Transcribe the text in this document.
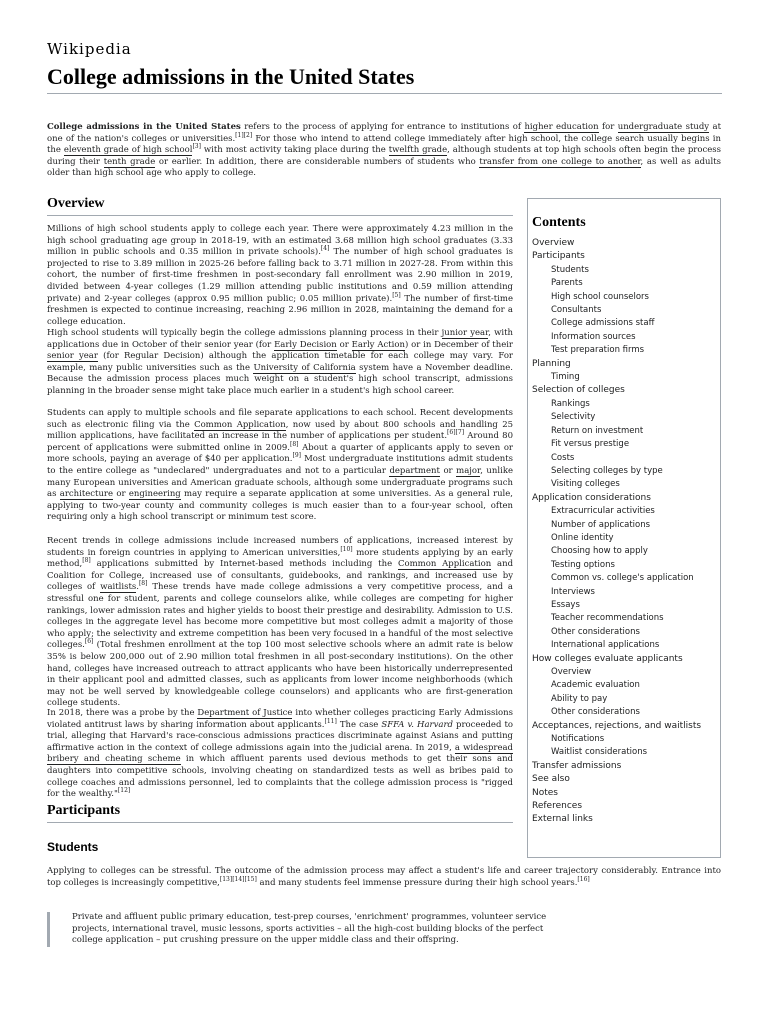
Wikipedia
College admissions in the United States

College admissions in the United States refers to the process of applying for entrance to institutions of higher education for undergraduate study at one of the nation's colleges or universities.[1][2] For those who intend to attend college immediately after high school, the college search usually begins in the eleventh grade of high school[3] with most activity taking place during the twelfth grade, although students at top high schools often begin the process during their tenth grade or earlier. In addition, there are considerable numbers of students who transfer from one college to another, as well as adults older than high school age who apply to college.

Overview

Millions of high school students apply to college each year. There were approximately 4.23 million in the high school graduating age group in 2018-19, with an estimated 3.68 million high school graduates (3.33 million in public schools and 0.35 million in private schools).[4] The number of high school graduates is projected to rise to 3.89 million in 2025-26 before falling back to 3.71 million in 2027-28. From within this cohort, the number of first-time freshmen in post-secondary fall enrollment was 2.90 million in 2019, divided between 4-year colleges (1.29 million attending public institutions and 0.59 million attending private) and 2-year colleges (approx 0.95 million public; 0.05 million private).[5] The number of first-time freshmen is expected to continue increasing, reaching 2.96 million in 2028, maintaining the demand for a college education.

High school students will typically begin the college admissions planning process in their junior year, with applications due in October of their senior year (for Early Decision or Early Action) or in December of their senior year (for Regular Decision) although the application timetable for each college may vary. For example, many public universities such as the University of California system have a November deadline. Because the admission process places much weight on a student's high school transcript, admissions planning in the broader sense might take place much earlier in a student's high school career.

Students can apply to multiple schools and file separate applications to each school. Recent developments such as electronic filing via the Common Application, now used by about 800 schools and handling 25 million applications, have facilitated an increase in the number of applications per student.[6][7] Around 80 percent of applications were submitted online in 2009.[8] About a quarter of applicants apply to seven or more schools, paying an average of $40 per application.[9] Most undergraduate institutions admit students to the entire college as "undeclared" undergraduates and not to a particular department or major, unlike many European universities and American graduate schools, although some undergraduate programs such as architecture or engineering may require a separate application at some universities. As a general rule, applying to two-year county and community colleges is much easier than to a four-year school, often requiring only a high school transcript or minimum test score.

Recent trends in college admissions include increased numbers of applications, increased interest by students in foreign countries in applying to American universities,[10] more students applying by an early method,[8] applications submitted by Internet-based methods including the Common Application and Coalition for College, increased use of consultants, guidebooks, and rankings, and increased use by colleges of waitlists.[8] These trends have made college admissions a very competitive process, and a stressful one for student, parents and college counselors alike, while colleges are competing for higher rankings, lower admission rates and higher yields to boost their prestige and desirability. Admission to U.S. colleges in the aggregate level has become more competitive but most colleges admit a majority of those who apply; the selectivity and extreme competition has been very focused in a handful of the most selective colleges.[6] (Total freshmen enrollment at the top 100 most selective schools where an admit rate is below 35% is below 200,000 out of 2.90 million total freshmen in all post-secondary institutions). On the other hand, colleges have increased outreach to attract applicants who have been historically underrepresented in their applicant pool and admitted classes, such as applicants from lower income neighborhoods (which may not be well served by knowledgeable college counselors) and applicants who are first-generation college students.

In 2018, there was a probe by the Department of Justice into whether colleges practicing Early Admissions violated antitrust laws by sharing information about applicants.[11] The case SFFA v. Harvard proceeded to trial, alleging that Harvard's race-conscious admissions practices discriminate against Asians and putting affirmative action in the context of college admissions again into the judicial arena. In 2019, a widespread bribery and cheating scheme in which affluent parents used devious methods to get their sons and daughters into competitive schools, involving cheating on standardized tests as well as bribes paid to college coaches and admissions personnel, led to complaints that the college admission process is "rigged for the wealthy."[12]

Participants
Students

Applying to colleges can be stressful. The outcome of the admission process may affect a student's life and career trajectory considerably. Entrance into top colleges is increasingly competitive,[13][14][15] and many students feel immense pressure during their high school years.[16]

Private and affluent public primary education, test-prep courses, 'enrichment' programmes, volunteer service projects, international travel, music lessons, sports activities – all the high-cost building blocks of the perfect college application – put crushing pressure on the upper middle class and their offspring.
Contents
Overview
Participants
Students
Parents
High school counselors
Consultants
College admissions staff
Information sources
Test preparation firms
Planning
Timing
Selection of colleges
Rankings
Selectivity
Return on investment
Fit versus prestige
Costs
Selecting colleges by type
Visiting colleges
Application considerations
Extracurricular activities
Number of applications
Online identity
Choosing how to apply
Testing options
Common vs. college's application
Interviews
Essays
Teacher recommendations
Other considerations
International applications
How colleges evaluate applicants
Overview
Academic evaluation
Ability to pay
Other considerations
Acceptances, rejections, and waitlists
Notifications
Waitlist considerations
Transfer admissions
See also
Notes
References
External links
